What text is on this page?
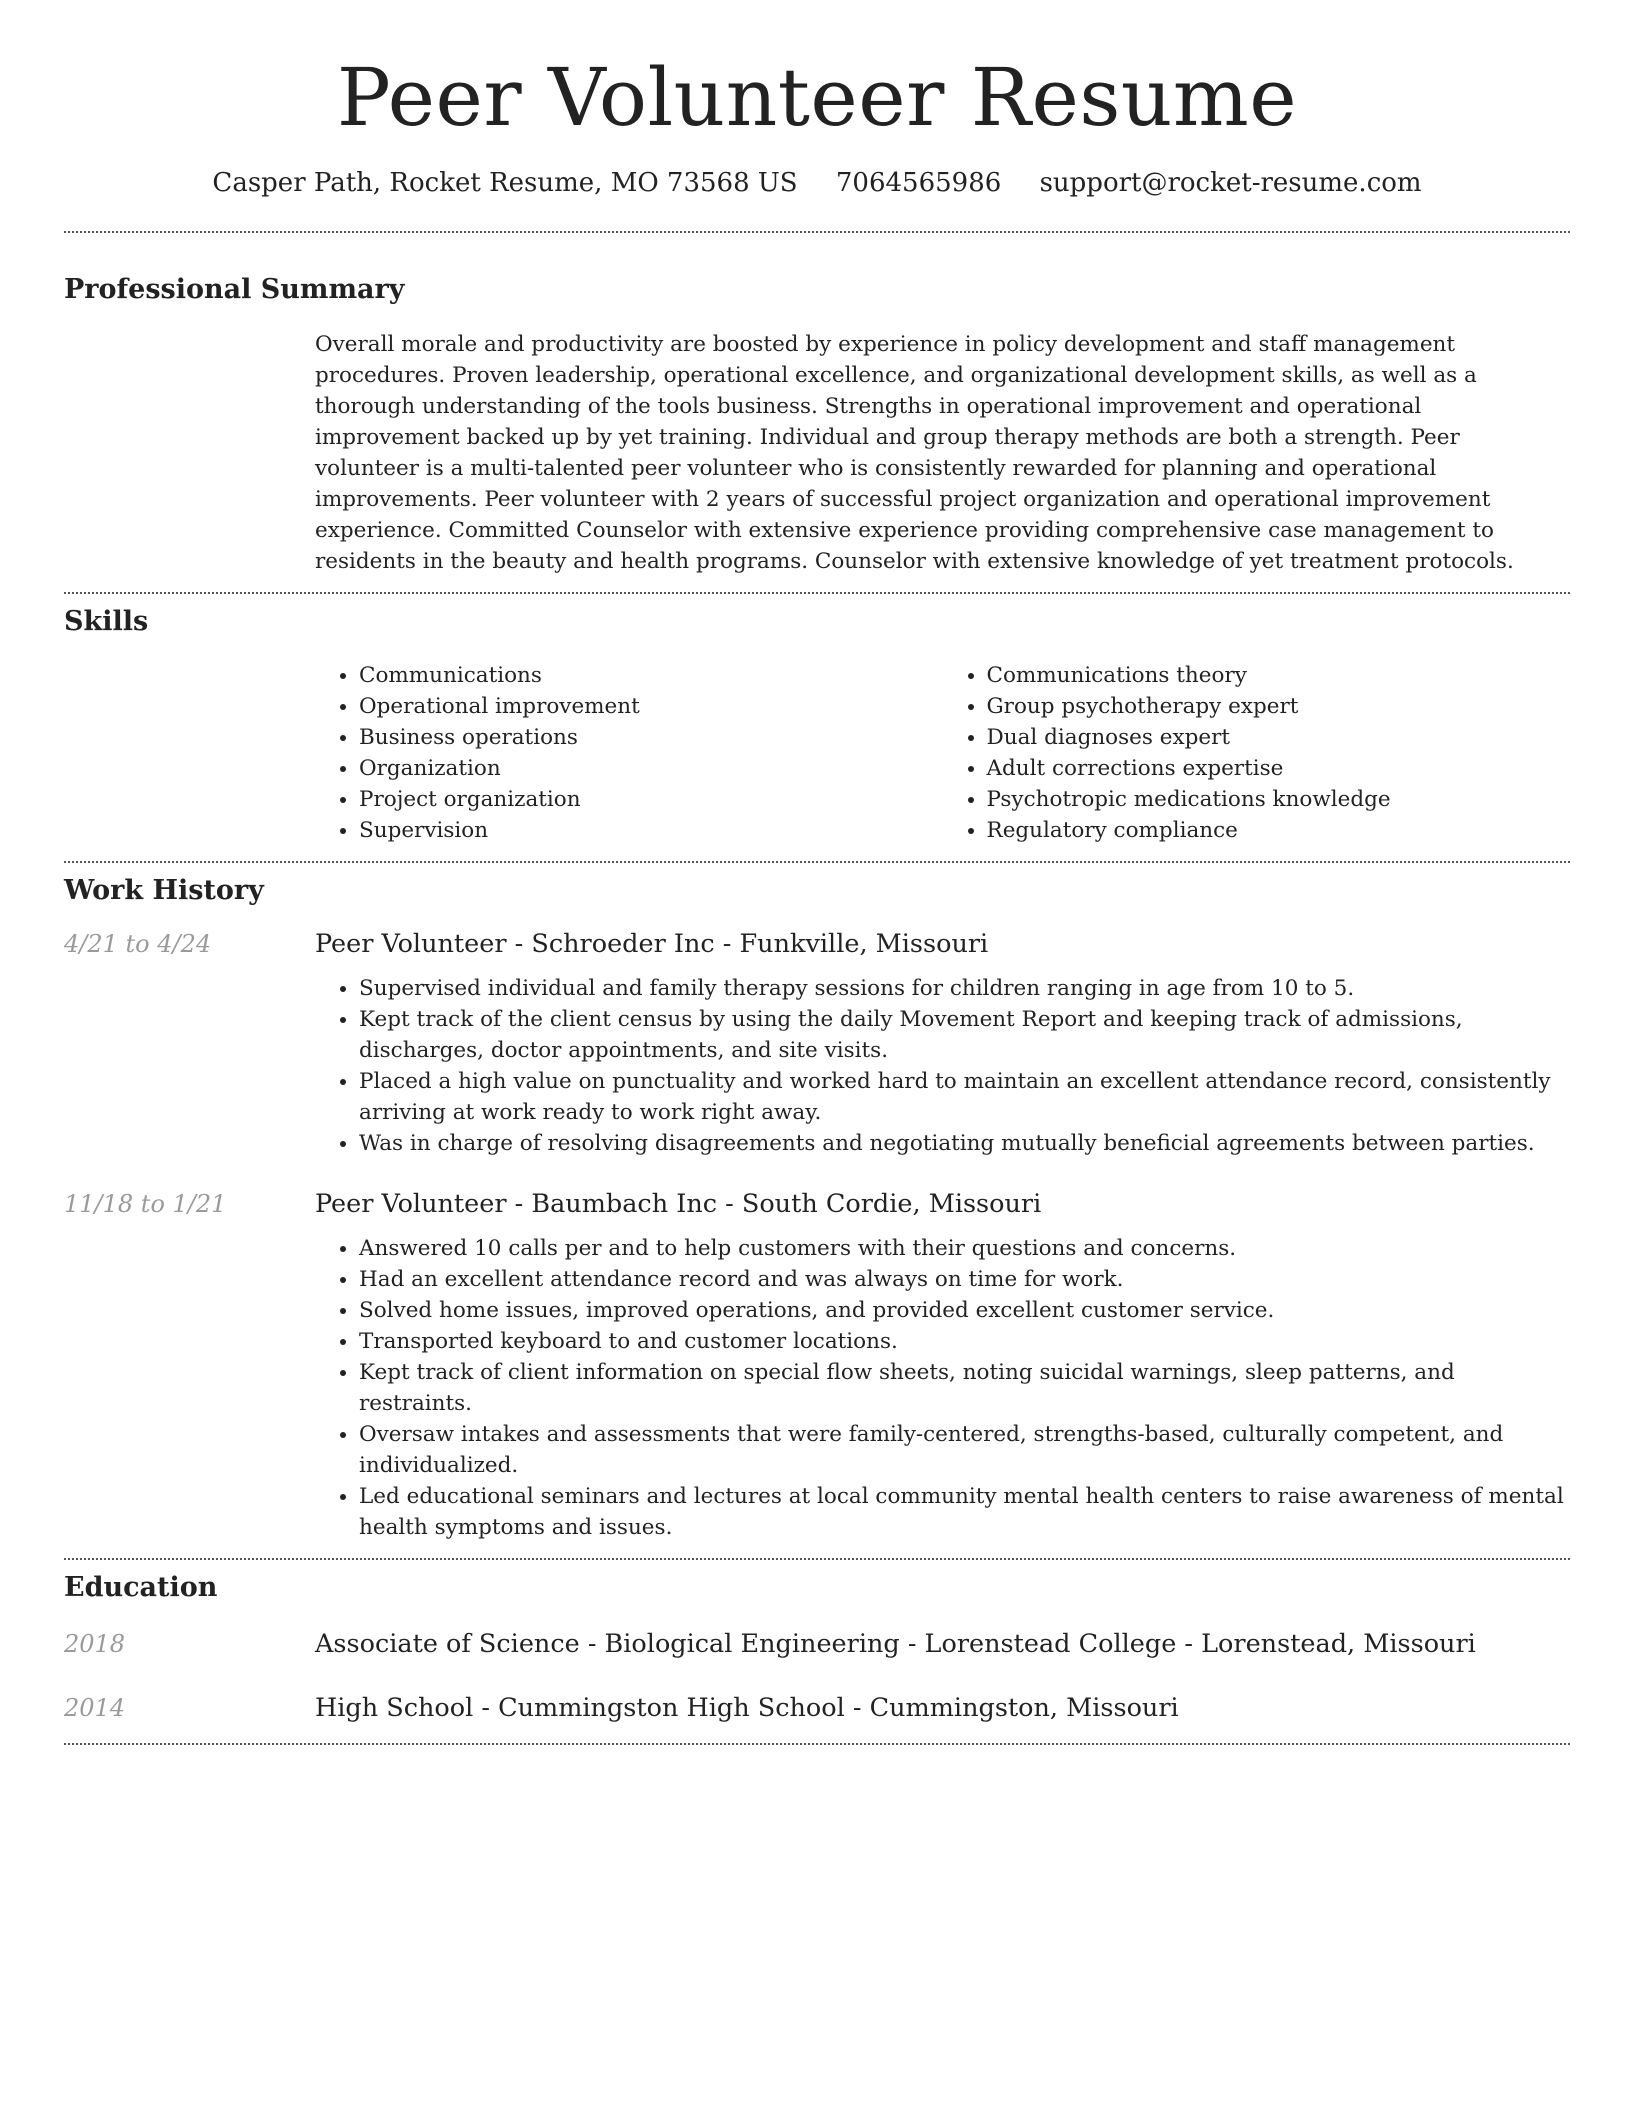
Peer Volunteer Resume
Casper Path, Rocket Resume, MO 73568 US 7064565986 support@rocket-resume.com
Professional Summary
Overall morale and productivity are boosted by experience in policy development and staff management procedures. Proven leadership, operational excellence, and organizational development skills, as well as a thorough understanding of the tools business. Strengths in operational improvement and operational improvement backed up by yet training. Individual and group therapy methods are both a strength. Peer volunteer is a multi-talented peer volunteer who is consistently rewarded for planning and operational improvements. Peer volunteer with 2 years of successful project organization and operational improvement experience. Committed Counselor with extensive experience providing comprehensive case management to residents in the beauty and health programs. Counselor with extensive knowledge of yet treatment protocols.
Skills
• Communications
• Operational improvement
• Business operations
• Organization
• Project organization
• Supervision
• Communications theory
• Group psychotherapy expert
• Dual diagnoses expert
• Adult corrections expertise
• Psychotropic medications knowledge
• Regulatory compliance
Work History
4/21 to 4/24	Peer Volunteer - Schroeder Inc - Funkville, Missouri
• Supervised individual and family therapy sessions for children ranging in age from 10 to 5.
• Kept track of the client census by using the daily Movement Report and keeping track of admissions, discharges, doctor appointments, and site visits.
• Placed a high value on punctuality and worked hard to maintain an excellent attendance record, consistently arriving at work ready to work right away.
• Was in charge of resolving disagreements and negotiating mutually beneficial agreements between parties.
11/18 to 1/21	Peer Volunteer - Baumbach Inc - South Cordie, Missouri
• Answered 10 calls per and to help customers with their questions and concerns.
• Had an excellent attendance record and was always on time for work.
• Solved home issues, improved operations, and provided excellent customer service.
• Transported keyboard to and customer locations.
• Kept track of client information on special flow sheets, noting suicidal warnings, sleep patterns, and restraints.
• Oversaw intakes and assessments that were family-centered, strengths-based, culturally competent, and individualized.
• Led educational seminars and lectures at local community mental health centers to raise awareness of mental health symptoms and issues.
Education
2018	Associate of Science - Biological Engineering - Lorenstead College - Lorenstead, Missouri
2014	High School - Cummingston High School - Cummingston, Missouri
